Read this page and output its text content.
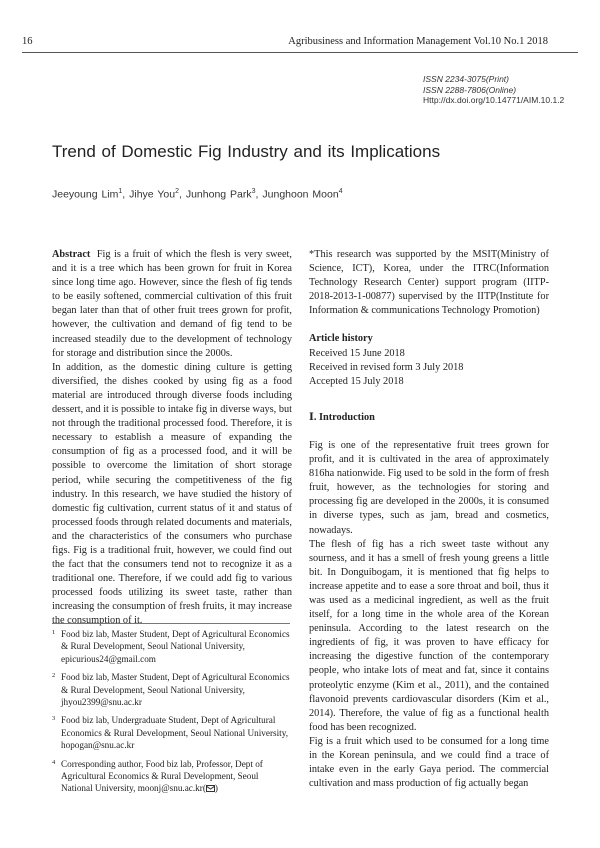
16	Agribusiness and Information Management Vol.10 No.1 2018
ISSN 2234-3075(Print)
ISSN 2288-7806(Online)
Http://dx.doi.org/10.14771/AIM.10.1.2
Trend of Domestic Fig Industry and its Implications
Jeeyoung Lim$^1$, Jihye You$^2$, Junhong Park$^3$, Junghoon Moon$^4$

Abstract Fig is a fruit of which the flesh is very sweet, and it is a tree which has been grown for fruit in Korea since long time ago. However, since the flesh of fig tends to be easily softened, commercial cultivation of this fruit began later than that of other fruit trees grown for profit, however, the cultivation and demand of fig tend to be increased steadily due to the development of technology for storage and distribution since the 2000s.

In addition, as the domestic dining culture is getting diversified, the dishes cooked by using fig as a food material are introduced through diverse foods including dessert, and it is possible to intake fig in diverse ways, but not through the traditional processed food. Therefore, it is necessary to establish a measure of expanding the consumption of fig as a processed food, and it will be possible to overcome the limitation of short storage period, while securing the competitiveness of the fig industry. In this research, we have studied the history of domestic fig cultivation, current status of it and status of processed foods through related documents and materials, and the characteristics of the consumers who purchase figs. Fig is a traditional fruit, however, we could find out the fact that the consumers tend not to recognize it as a traditional one. Therefore, if we could add fig to various processed foods utilizing its sweet taste, rather than increasing the consumption of fresh fruits, it may increase the consumption of it.

1 Food biz lab, Master Student, Dept of Agricultural Economics & Rural Development, Seoul National University, epicurious24@gmail.com
2 Food biz lab, Master Student, Dept of Agricultural Economics & Rural Development, Seoul National University, jhyou2399@snu.ac.kr
3 Food biz lab, Undergraduate Student, Dept of Agricultural Economics & Rural Development, Seoul National University, hopogan@snu.ac.kr
4 Corresponding author, Food biz lab, Professor, Dept of Agricultural Economics & Rural Development, Seoul National University, moonj@snu.ac.kr( )

*This research was supported by the MSIT(Ministry of Science, ICT), Korea, under the ITRC(Information Technology Research Center) support program (IITP-2018-2013-1-00877) supervised by the IITP(Institute for Information & communications Technology Promotion)

Article history

Received 15 June 2018

Received in revised form 3 July 2018

Accepted 15 July 2018

Ⅰ. Introduction

Fig is one of the representative fruit trees grown for profit, and it is cultivated in the area of approximately 816ha nationwide. Fig used to be sold in the form of fresh fruit, however, as the technologies for storing and processing fig are developed in the 2000s, it is consumed in diverse types, such as jam, bread and cosmetics, nowadays.

The flesh of fig has a rich sweet taste without any sourness, and it has a smell of fresh young greens a little bit. In Donguibogam, it is mentioned that fig helps to increase appetite and to ease a sore throat and boil, thus it was used as a medicinal ingredient, as well as the fruit itself, for a long time in the whole area of the Korean peninsula. According to the latest research on the ingredients of fig, it was proven to have efficacy for increasing the digestive function of the contemporary people, who intake lots of meat and fat, since it contains proteolytic enzyme (Kim et al., 2011), and the contained flavonoid prevents cardiovascular disorders (Kim et al., 2014). Therefore, the value of fig as a functional health food has been recognized.

Fig is a fruit which used to be consumed for a long time in the Korean peninsula, and we could find a trace of intake even in the early Gaya period. The commercial cultivation and mass production of fig actually began
